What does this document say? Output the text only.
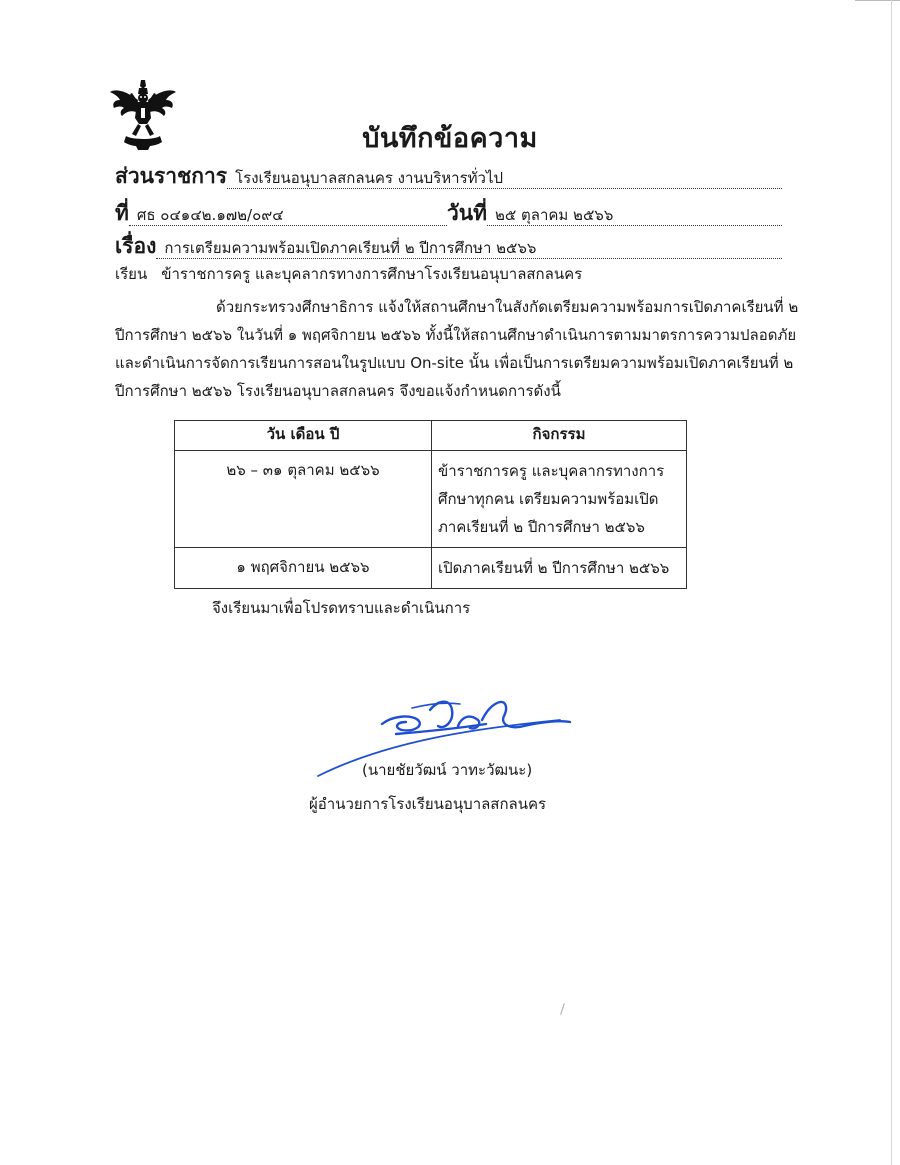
บันทึกข้อความ
ส่วนราชการ โรงเรียนอนุบาลสกลนคร งานบริหารทั่วไป
ที่ ศธ ๐๔๑๔๒.๑๗๒/๐๙๔	วันที่ ๒๕ ตุลาคม ๒๕๖๖
เรื่อง การเตรียมความพร้อมเปิดภาคเรียนที่ ๒ ปีการศึกษา ๒๕๖๖
เรียน ข้าราชการครู และบุคลากรทางการศึกษาโรงเรียนอนุบาลสกลนคร
ด้วยกระทรวงศึกษาธิการ แจ้งให้สถานศึกษาในสังกัดเตรียมความพร้อมการเปิดภาคเรียนที่ ๒
ปีการศึกษา ๒๕๖๖ ในวันที่ ๑ พฤศจิกายน ๒๕๖๖ ทั้งนี้ให้สถานศึกษาดำเนินการตามมาตรการความปลอดภัย
และดำเนินการจัดการเรียนการสอนในรูปแบบ On-site นั้น เพื่อเป็นการเตรียมความพร้อมเปิดภาคเรียนที่ ๒
ปีการศึกษา ๒๕๖๖ โรงเรียนอนุบาลสกลนคร จึงขอแจ้งกำหนดการดังนี้
วัน เดือน ปี	กิจกรรม
๒๖ – ๓๑ ตุลาคม ๒๕๖๖	ข้าราชการครู และบุคลากรทางการ
ศึกษาทุกคน เตรียมความพร้อมเปิด
ภาคเรียนที่ ๒ ปีการศึกษา ๒๕๖๖

๑ พฤศจิกายน ๒๕๖๖	เปิดภาคเรียนที่ ๒ ปีการศึกษา ๒๕๖๖
จึงเรียนมาเพื่อโปรดทราบและดำเนินการ
(นายชัยวัฒน์ วาทะวัฒนะ)
ผู้อำนวยการโรงเรียนอนุบาลสกลนคร
